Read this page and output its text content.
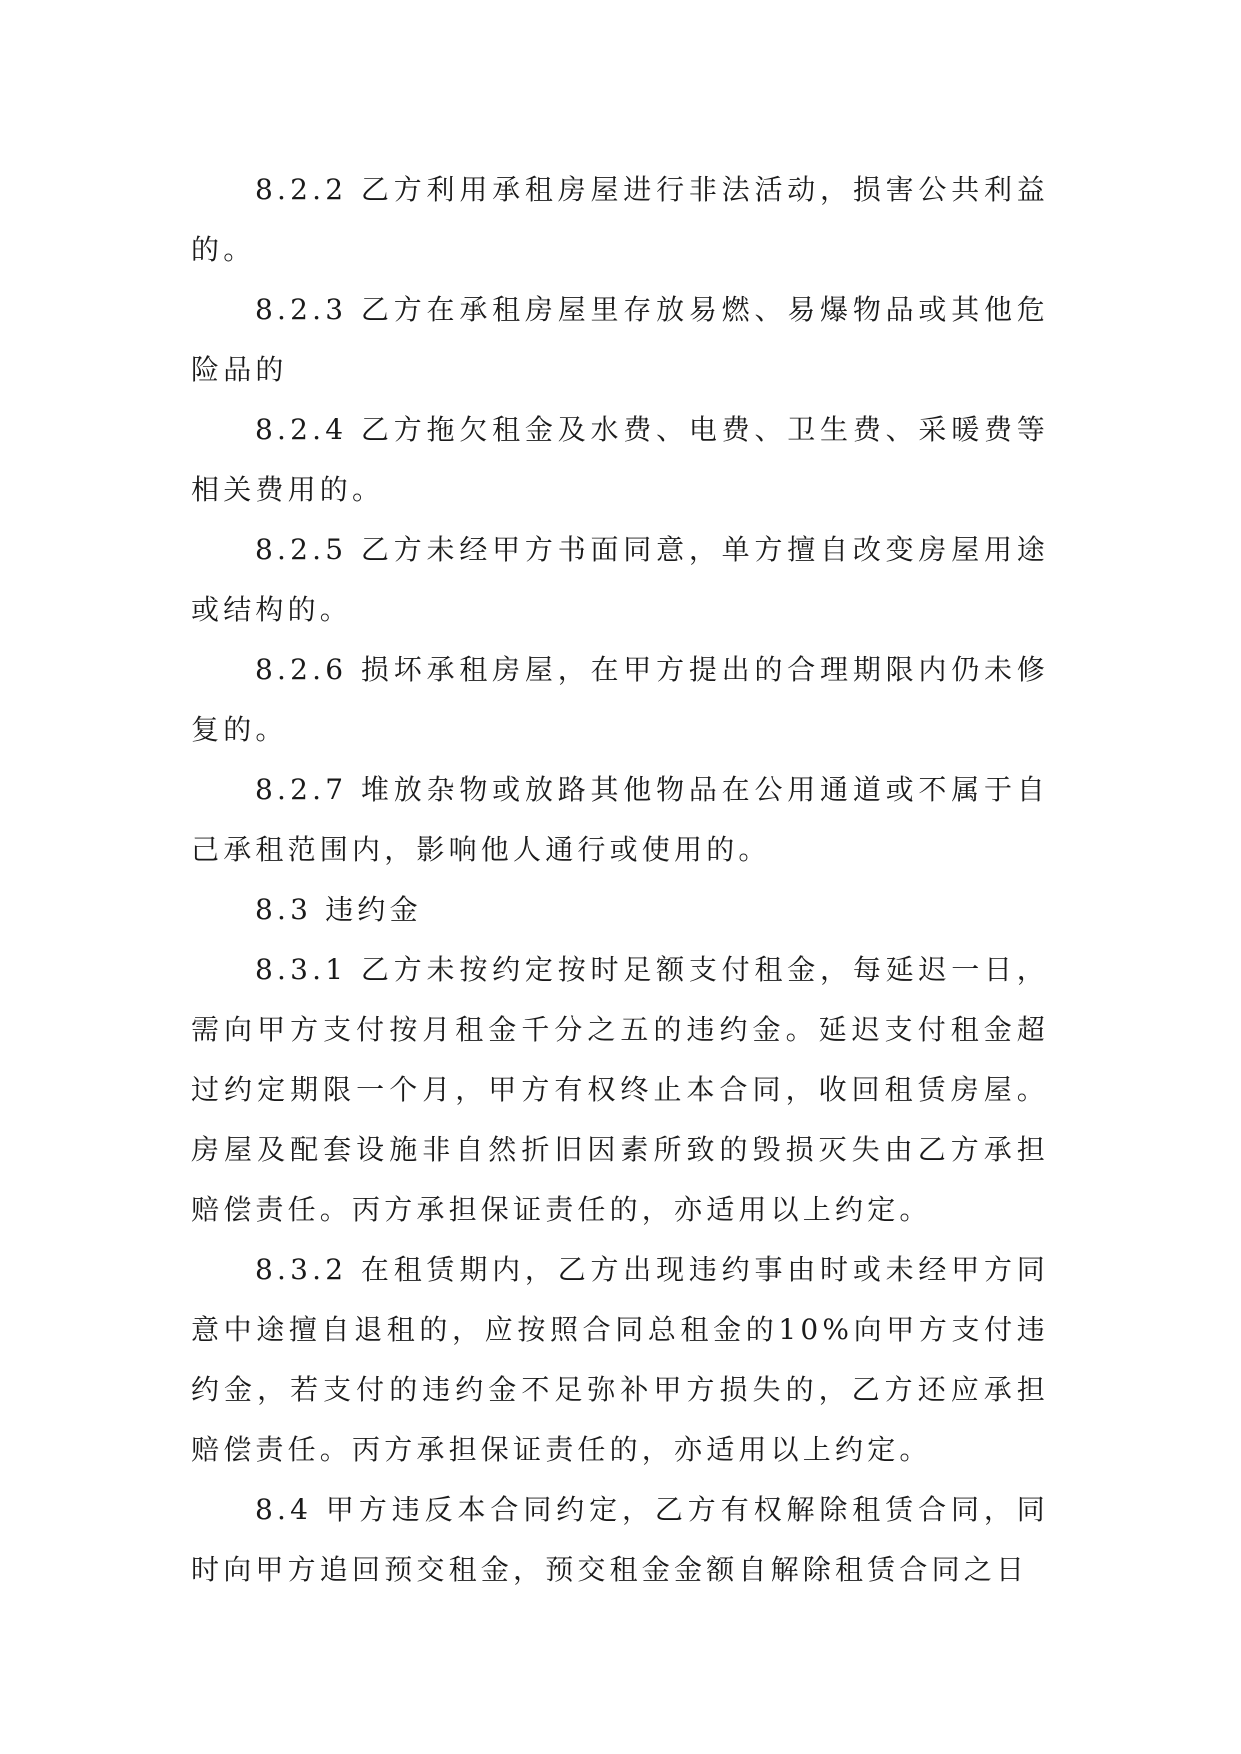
8.2.2 乙方利用承租房屋进行非法活动，损害公共利益的。

8.2.3 乙方在承租房屋里存放易燃、易爆物品或其他危险品的

8.2.4 乙方拖欠租金及水费、电费、卫生费、采暖费等相关费用的。

8.2.5 乙方未经甲方书面同意，单方擅自改变房屋用途或结构的。

8.2.6 损坏承租房屋，在甲方提出的合理期限内仍未修复的。

8.2.7 堆放杂物或放路其他物品在公用通道或不属于自己承租范围内，影响他人通行或使用的。

8.3 违约金

8.3.1 乙方未按约定按时足额支付租金，每延迟一日，需向甲方支付按月租金千分之五的违约金。延迟支付租金超过约定期限一个月，甲方有权终止本合同，收回租赁房屋。房屋及配套设施非自然折旧因素所致的毁损灭失由乙方承担赔偿责任。丙方承担保证责任的，亦适用以上约定。

8.3.2 在租赁期内，乙方出现违约事由时或未经甲方同意中途擅自退租的，应按照合同总租金的10%向甲方支付违约金，若支付的违约金不足弥补甲方损失的，乙方还应承担赔偿责任。丙方承担保证责任的，亦适用以上约定。

8.4 甲方违反本合同约定，乙方有权解除租赁合同，同时向甲方追回预交租金，预交租金金额自解除租赁合同之日
